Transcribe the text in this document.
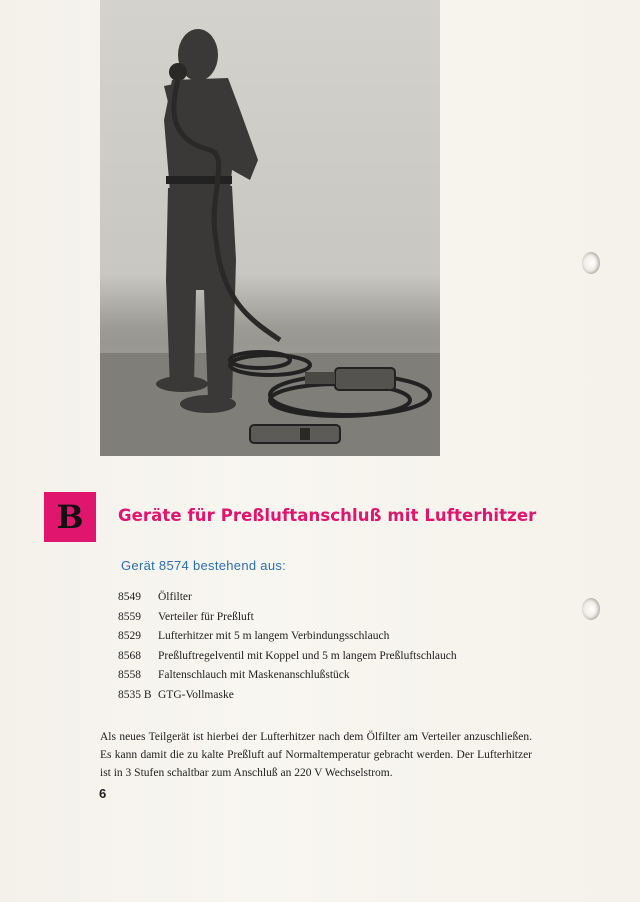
B Geräte für Preßluftanschluß mit Lufterhitzer
Gerät 8574 bestehend aus:
8549	Ölfilter
8559	Verteiler für Preßluft
8529	Lufterhitzer mit 5 m langem Verbindungsschlauch
8568	Preßluftregelventil mit Koppel und 5 m langem Preßluftschlauch
8558	Faltenschlauch mit Maskenanschlußstück
8535 B GTG-Vollmaske
Als neues Teilgerät ist hierbei der Lufterhitzer nach dem Ölfilter am Verteiler anzuschließen. Es kann damit die zu kalte Preßluft auf Normaltemperatur gebracht werden. Der Lufterhitzer ist in 3 Stufen schaltbar zum Anschluß an 220 V Wechselstrom.
6
